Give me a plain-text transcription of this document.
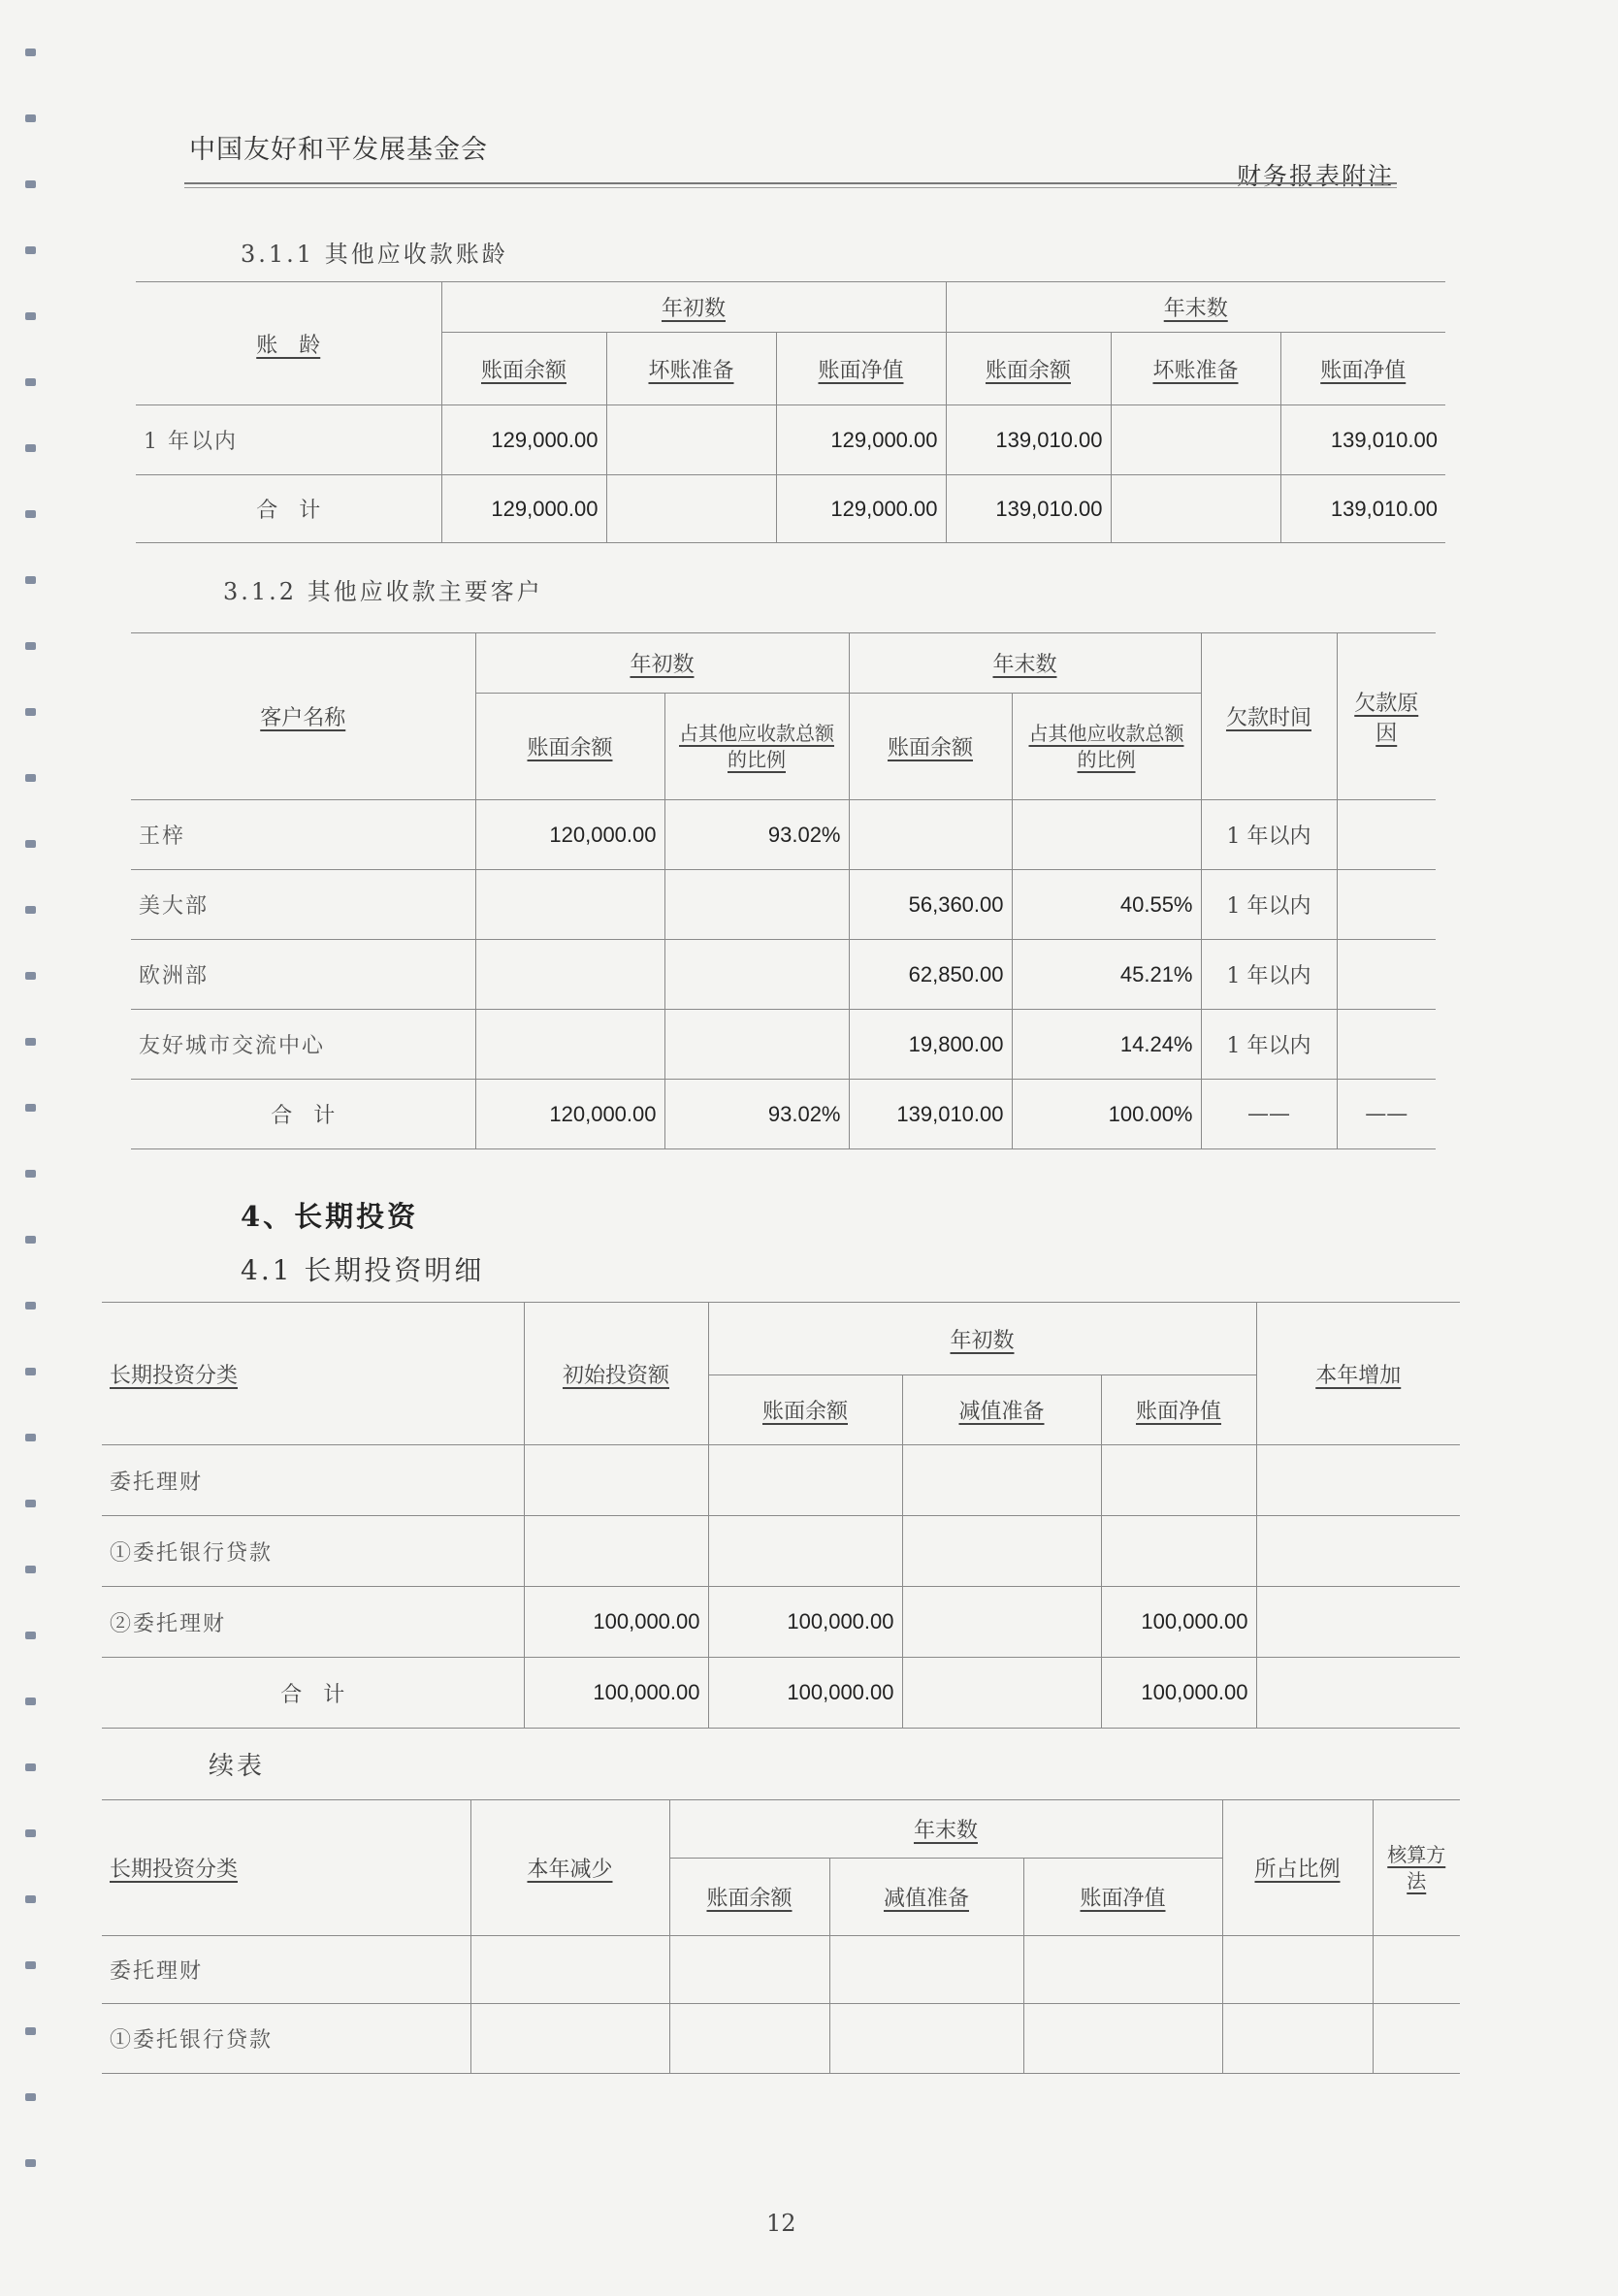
中国友好和平发展基金会
财务报表附注
3.1.1 其他应收款账龄
账　龄	年初数			年末数		
	账面余额	坏账准备	账面净值	账面余额	坏账准备	账面净值
1 年以内	129,000.00		129,000.00	139,010.00		139,010.00
合　计	129,000.00		129,000.00	139,010.00		139,010.00
3.1.2 其他应收款主要客户
客户名称	年初数		年末数		欠款时间	欠款原因
	账面余额	占其他应收款总额的比例	账面余额	占其他应收款总额的比例		
王梓	120,000.00	93.02%			1 年以内	
美大部			56,360.00	40.55%	1 年以内	
欧洲部			62,850.00	45.21%	1 年以内	
友好城市交流中心			19,800.00	14.24%	1 年以内	
合　计	120,000.00	93.02%	139,010.00	100.00%	——	——
4、长期投资
4.1 长期投资明细
长期投资分类	初始投资额	年初数			本年增加
		账面余额	减值准备	账面净值	
委托理财					
①委托银行贷款					
②委托理财	100,000.00	100,000.00		100,000.00	
合　计	100,000.00	100,000.00		100,000.00	
续表
长期投资分类	本年减少	年末数			所占比例	核算方法
		账面余额	减值准备	账面净值		
委托理财						
①委托银行贷款						
12
